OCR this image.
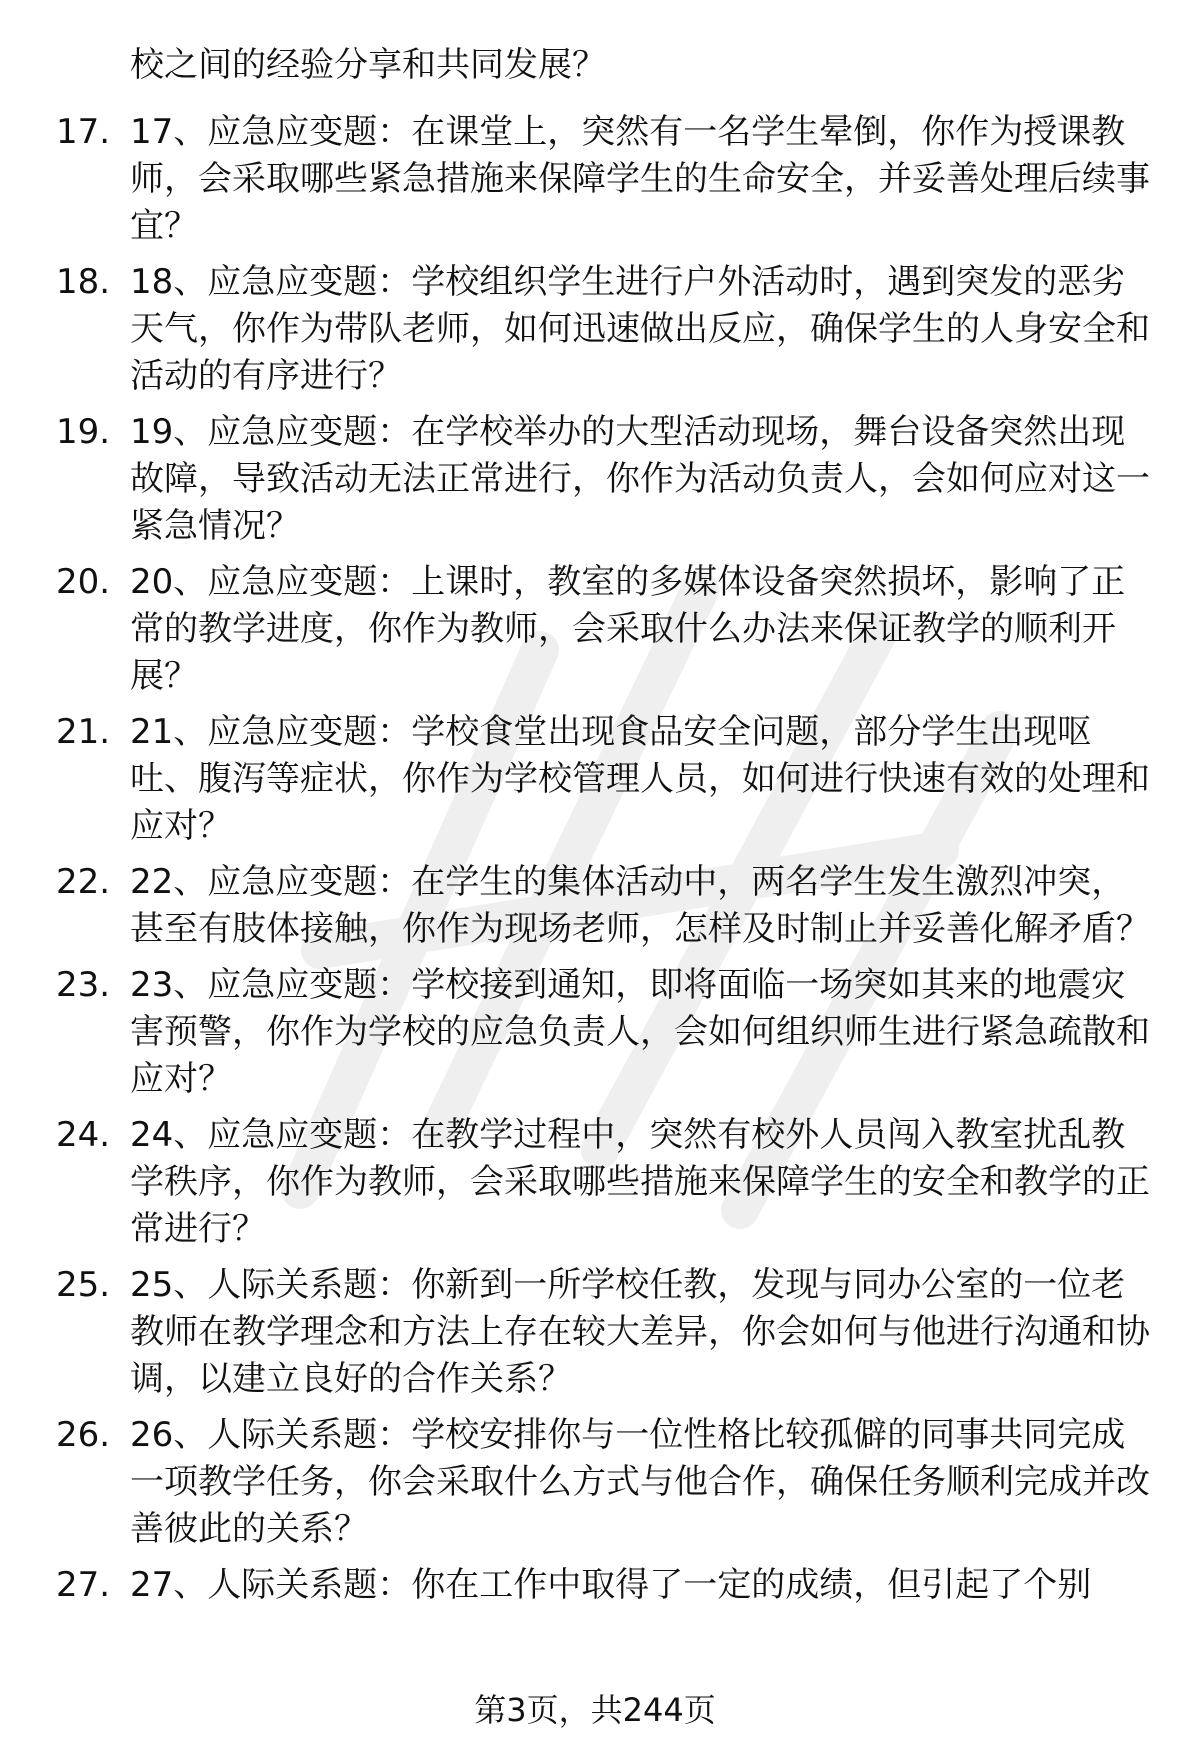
校之间的经验分享和共同发展？

17. 17、应急应变题：在课堂上，突然有一名学生晕倒，你作为授课教师，会采取哪些紧急措施来保障学生的生命安全，并妥善处理后续事宜？
18. 18、应急应变题：学校组织学生进行户外活动时，遇到突发的恶劣天气，你作为带队老师，如何迅速做出反应，确保学生的人身安全和活动的有序进行？
19. 19、应急应变题：在学校举办的大型活动现场，舞台设备突然出现故障，导致活动无法正常进行，你作为活动负责人，会如何应对这一紧急情况？
20. 20、应急应变题：上课时，教室的多媒体设备突然损坏，影响了正常的教学进度，你作为教师，会采取什么办法来保证教学的顺利开展？
21. 21、应急应变题：学校食堂出现食品安全问题，部分学生出现呕吐、腹泻等症状，你作为学校管理人员，如何进行快速有效的处理和应对？
22. 22、应急应变题：在学生的集体活动中，两名学生发生激烈冲突，甚至有肢体接触，你作为现场老师，怎样及时制止并妥善化解矛盾？
23. 23、应急应变题：学校接到通知，即将面临一场突如其来的地震灾害预警，你作为学校的应急负责人，会如何组织师生进行紧急疏散和应对？
24. 24、应急应变题：在教学过程中，突然有校外人员闯入教室扰乱教学秩序，你作为教师，会采取哪些措施来保障学生的安全和教学的正常进行？
25. 25、人际关系题：你新到一所学校任教，发现与同办公室的一位老教师在教学理念和方法上存在较大差异，你会如何与他进行沟通和协调，以建立良好的合作关系？
26. 26、人际关系题：学校安排你与一位性格比较孤僻的同事共同完成一项教学任务，你会采取什么方式与他合作，确保任务顺利完成并改善彼此的关系？
27. 27、人际关系题：你在工作中取得了一定的成绩，但引起了个别
第3页，共244页
